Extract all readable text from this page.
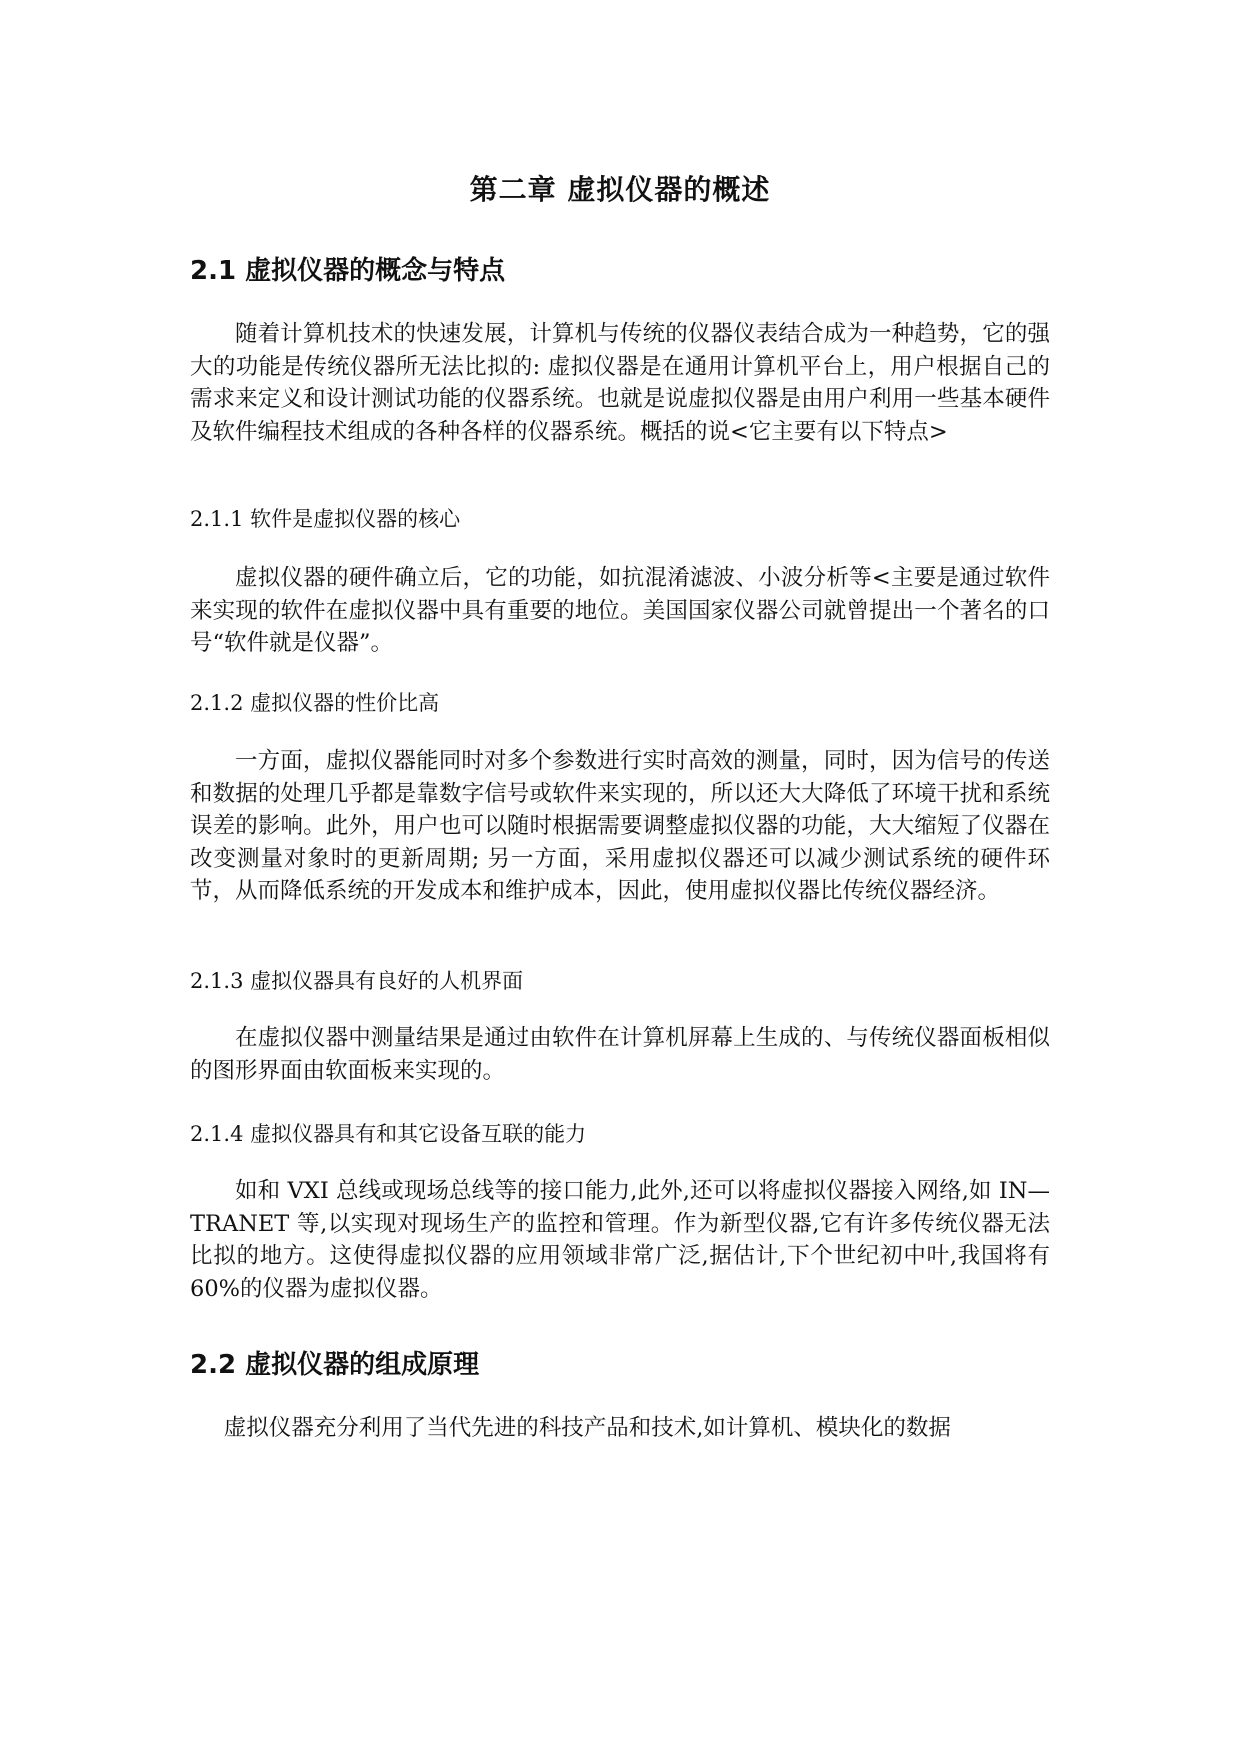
第二章 虚拟仪器的概述
2.1 虚拟仪器的概念与特点

随着计算机技术的快速发展，计算机与传统的仪器仪表结合成为一种趋势，它的强大的功能是传统仪器所无法比拟的: 虚拟仪器是在通用计算机平台上，用户根据自己的需求来定义和设计测试功能的仪器系统。也就是说虚拟仪器是由用户利用一些基本硬件及软件编程技术组成的各种各样的仪器系统。概括的说<它主要有以下特点>

2.1.1 软件是虚拟仪器的核心

虚拟仪器的硬件确立后，它的功能，如抗混淆滤波、小波分析等<主要是通过软件来实现的软件在虚拟仪器中具有重要的地位。美国国家仪器公司就曾提出一个著名的口号“软件就是仪器”。

2.1.2 虚拟仪器的性价比高

一方面，虚拟仪器能同时对多个参数进行实时高效的测量，同时，因为信号的传送和数据的处理几乎都是靠数字信号或软件来实现的，所以还大大降低了环境干扰和系统误差的影响。此外，用户也可以随时根据需要调整虚拟仪器的功能，大大缩短了仪器在改变测量对象时的更新周期; 另一方面，采用虚拟仪器还可以减少测试系统的硬件环节，从而降低系统的开发成本和维护成本，因此，使用虚拟仪器比传统仪器经济。

2.1.3 虚拟仪器具有良好的人机界面

在虚拟仪器中测量结果是通过由软件在计算机屏幕上生成的、与传统仪器面板相似的图形界面由软面板来实现的。

2.1.4 虚拟仪器具有和其它设备互联的能力

如和 VXI 总线或现场总线等的接口能力,此外,还可以将虚拟仪器接入网络,如 IN—TRANET 等,以实现对现场生产的监控和管理。作为新型仪器,它有许多传统仪器无法比拟的地方。这使得虚拟仪器的应用领域非常广泛,据估计,下个世纪初中叶,我国将有 60%的仪器为虚拟仪器。

2.2 虚拟仪器的组成原理

虚拟仪器充分利用了当代先进的科技产品和技术,如计算机、模块化的数据
